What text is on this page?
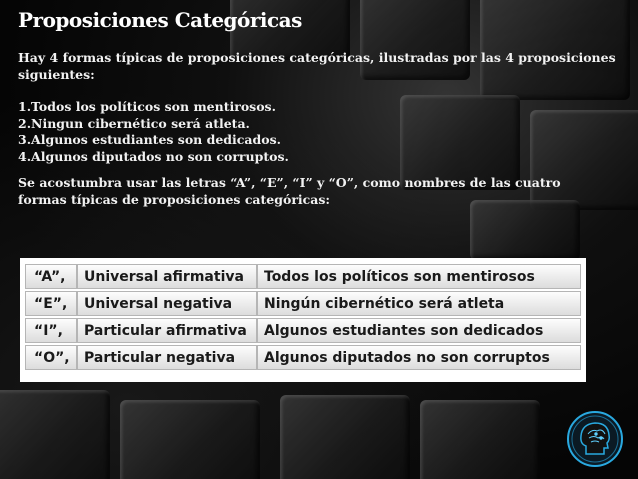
Proposiciones Categóricas

Hay 4 formas típicas de proposiciones categóricas, ilustradas por las 4 proposiciones

siguientes:

1.Todos los políticos son mentirosos.
2.Ningun cibernético será atleta.
3.Algunos estudiantes son dedicados.
4.Algunos diputados no son corruptos.

Se acostumbra usar las letras “A”, “E”, “I” y “O”, como nombres de las cuatro

formas típicas de proposiciones categóricas:

“A”,	Universal afirmativa	Todos los políticos son mentirosos
“E”,	Universal negativa	Ningún cibernético será atleta
“I”,	Particular afirmativa	Algunos estudiantes son dedicados
“O”,	Particular negativa	Algunos diputados no son corruptos
